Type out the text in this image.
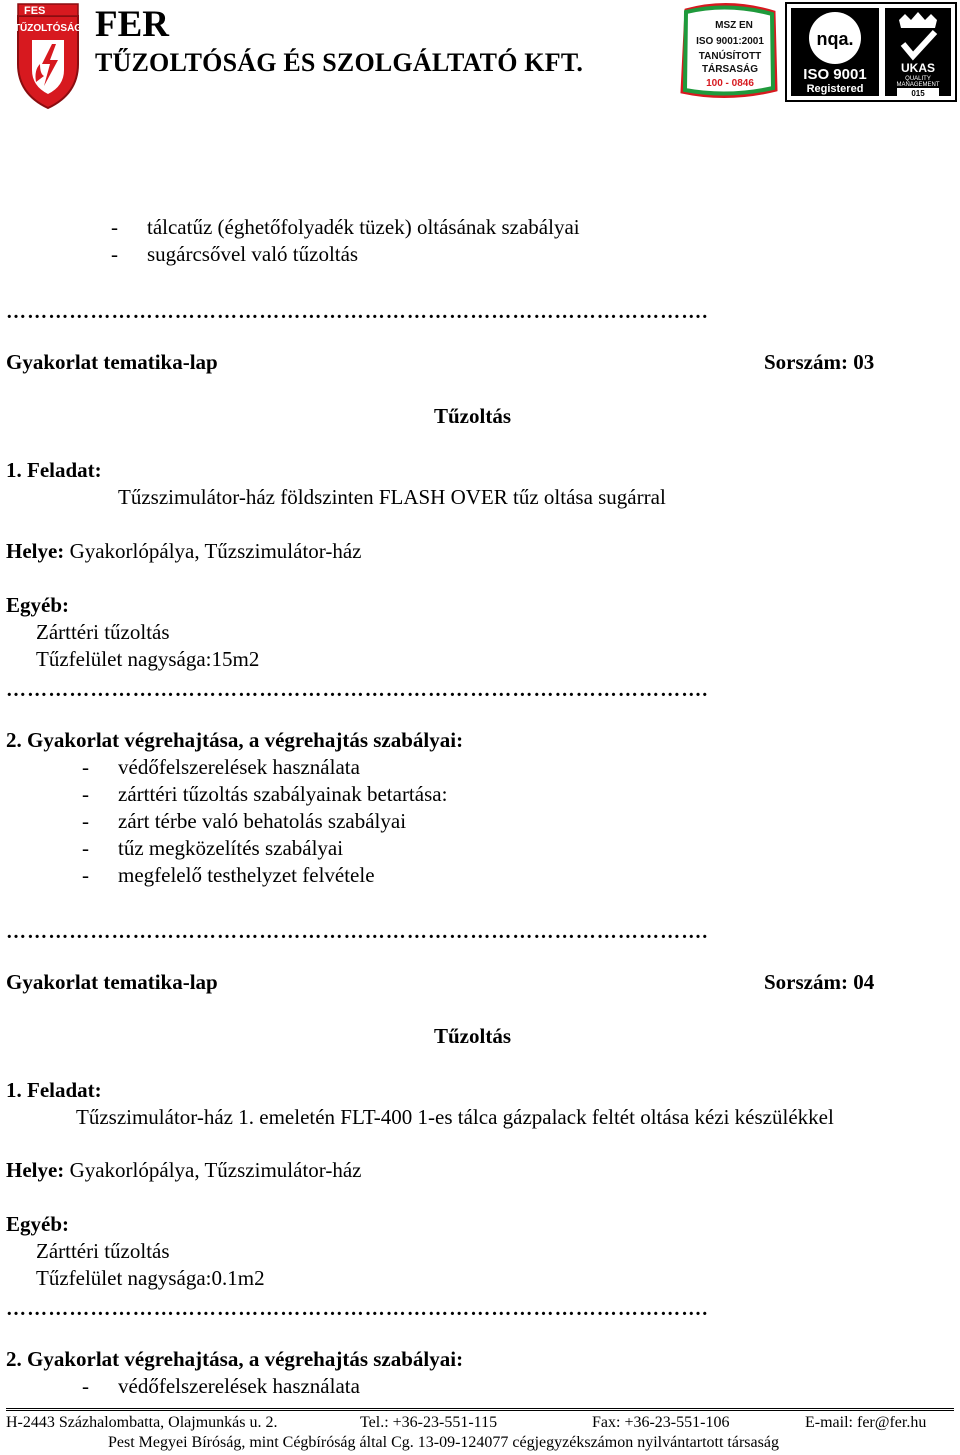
FES
TŰZOLTÓSÁG FER
TŰZOLTÓSÁG ÉS SZOLGÁLTATÓ KFT.
MSZ EN
ISO 9001:2001
TANÚSÍTOTT
TÁRSASÁG
100 - 0846
nqa.
ISO 9001
Registered
UKAS
QUALITY
MANAGEMENT
015
- tálcatűz (éghetőfolyadék tüzek) oltásának szabályai
- sugárcsővel való tűzoltás
……………………………………………………………………………………….
Gyakorlat tematika-lap	Sorszám: 03
Tűzoltás
1. Feladat:
Tűzszimulátor-ház földszinten FLASH OVER tűz oltása sugárral
Helye: Gyakorlópálya, Tűzszimulátor-ház
Egyéb:
Zárttéri tűzoltás
Tűzfelület nagysága:15m2
……………………………………………………………………………………….
2. Gyakorlat végrehajtása, a végrehajtás szabályai:
- védőfelszerelések használata
- zárttéri tűzoltás szabályainak betartása:
- zárt térbe való behatolás szabályai
- tűz megközelítés szabályai
- megfelelő testhelyzet felvétele
……………………………………………………………………………………….
Gyakorlat tematika-lap	Sorszám: 04
Tűzoltás
1. Feladat:
Tűzszimulátor-ház 1. emeletén FLT-400 1-es tálca gázpalack feltét oltása kézi készülékkel
Helye: Gyakorlópálya, Tűzszimulátor-ház
Egyéb:
Zárttéri tűzoltás
Tűzfelület nagysága:0.1m2
……………………………………………………………………………………….
2. Gyakorlat végrehajtása, a végrehajtás szabályai:
- védőfelszerelések használata
H-2443 Százhalombatta, Olajmunkás u. 2.	Tel.: +36-23-551-115	Fax: +36-23-551-106	E-mail: fer@fer.hu
Pest Megyei Bíróság, mint Cégbíróság által Cg. 13-09-124077 cégjegyzékszámon nyilvántartott társaság
